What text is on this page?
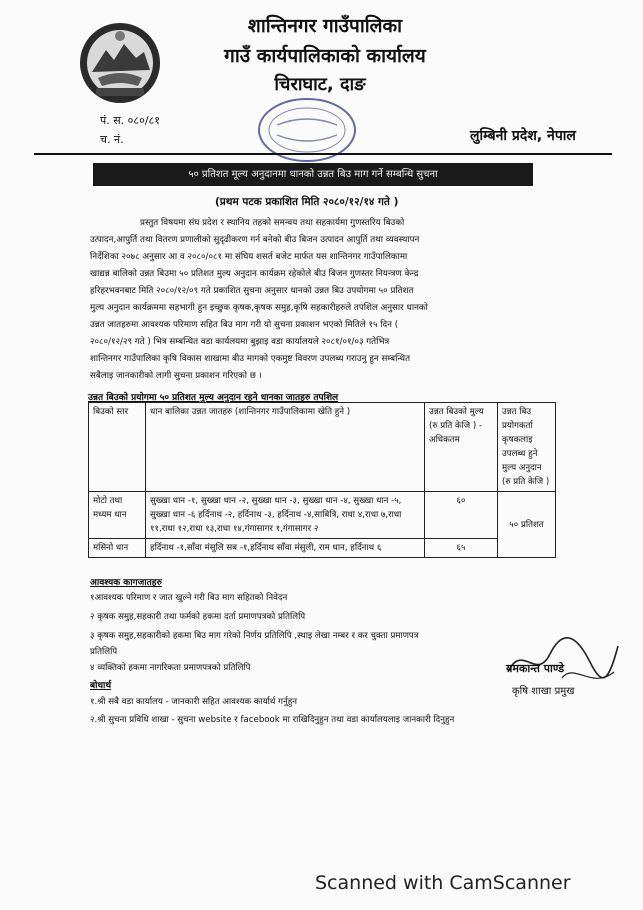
शान्तिनगर गाउँपालिका
गाउँ कार्यपालिकाको कार्यालय
चिराघाट, दाङ
पं. स. ०८०/८१
च. नं.	लुम्बिनी प्रदेश, नेपाल
५० प्रतिशत मूल्य अनुदानमा धानको उन्नत बिउ माग गर्ने सम्बन्धि सुचना
(प्रथम पटक प्रकाशित मिति २०८०/१२/१४ गते )
प्रस्तुत विषयमा संघ प्रदेश र स्थानिय तहको समन्वय तथा सहकार्यमा गुणस्तरिय बिउको
उत्पादन,आपुर्ति तथा वितरण प्रणालीको सुदृढीकरण गर्न बनेको बीउ बिजन उत्पादन आपुर्ति तथा व्यवस्थापन
निर्देशिका २०७८ अनुसार आ व २०८०/०८१ मा संघिय शसर्त बजेट मार्फत यस शान्तिनगर गाउँपालिकामा
खाद्यन्न बालिको उन्नत बिउमा ५० प्रतिशत मुल्य अनुदान कार्यक्रम रहेकोले बीउ बिजन गुणस्तर नियन्त्रण केन्द्र
हरिहरभवनबाट मिति २०८०/१२/०९ गते प्रकाशित सुचना अनुसार धानको उन्नत बिउ उपयोगमा ५० प्रतिशत
मुल्य अनुदान कार्यक्रममा सहभागी हुन इच्छुक कृषक,कृषक समुह,कृषि सहकारीहरुले तपशिल अनुसार धानको
उन्नत जातहरुमा आवश्यक परिमाण सहित बिउ माग गरी यो सुचना प्रकाशन भएको मितिले १५ दिन (
२०८०/१२/२९ गते ) भित्र सम्बन्धित वडा कार्यलयमा बुझाइ वडा कार्यालयले २०८१/०१/०३ गतेभित्र
शान्तिनगर गाउँपालिका कृषि विकास शाखामा बीउ मागको एकमुष्ट विवरण उपलब्ध गराउनु हुन सम्बन्धित
सबैलाइ जानकारीको लागी सुचना प्रकाशन गरिएको छ ।
उन्नत बिउको प्रयोगमा ५० प्रतिशत मुल्य अनुदान रहने धानका जातहरु तपशिल
बिउको स्तर	धान बालिका उन्नत जातहरु (शान्तिनगर गाउँपालिकामा खेति हुने )	उन्नत बिउको मुल्य (रु प्रति केजि ) - अधिकतम	उन्नत बिउ प्रयोगकर्ता कृषकलाइ उपलब्ध हुने मुल्य अनुदान (रु प्रति केजि )
मोटो तथा मध्यम धान	सुख्खा धान -१, सुख्खा धान -२, सुख्खा धान -३, सुख्खा धान -४, सुख्खा धान -५, सुख्खा धान -६ हर्दिनाथ -२, हर्दिनाथ -३, हर्दिनाथ -४,साबित्रि, राधा ४,राधा ७,राधा ११,राधा १२,राधा १३,राधा १४,गंगासागर १,गंगासागर २	६०	५० प्रतिशत
मसिनो धान	हर्दिनाथ -१,साँवा मंसुलि सब -१,हर्दिनाथ साँवा मंसुली, राम धान, हर्दिनाथ ६	६५	
आवश्यक कागजातहरु
१आवश्यक परिमाण र जात खुल्ने गरी बिउ माग सहितको निवेदन
२ कृषक समुह,सहकारी तथा फर्मको हकमा दर्ता प्रमाणपत्रको प्रतिलिपि
३ कृषक समुह,सहकारीको हकमा बिउ माग गरेको निर्णय प्रतिलिपि ,स्थाइ लेखा नम्बर र कर चुक्ता प्रमाणपत्र
प्रतिलिपि
४ व्यक्तिको हकमा नागरिकता प्रमाणपत्रको प्रतिलिपि	यमकान्त पाण्डे
कृषि शाखा प्रमुख
बोधार्थ
१.श्री सबै वडा कार्यालय - जानकारी सहित आवश्यक कार्यार्थ गर्नुहुन
२.श्री सुचना प्रविधि शाखा - सुचना website र facebook मा राखिदिनुहुन तथा वडा कार्यालयलाइ जानकारी दिनुहुन
Scanned with CamScanner
